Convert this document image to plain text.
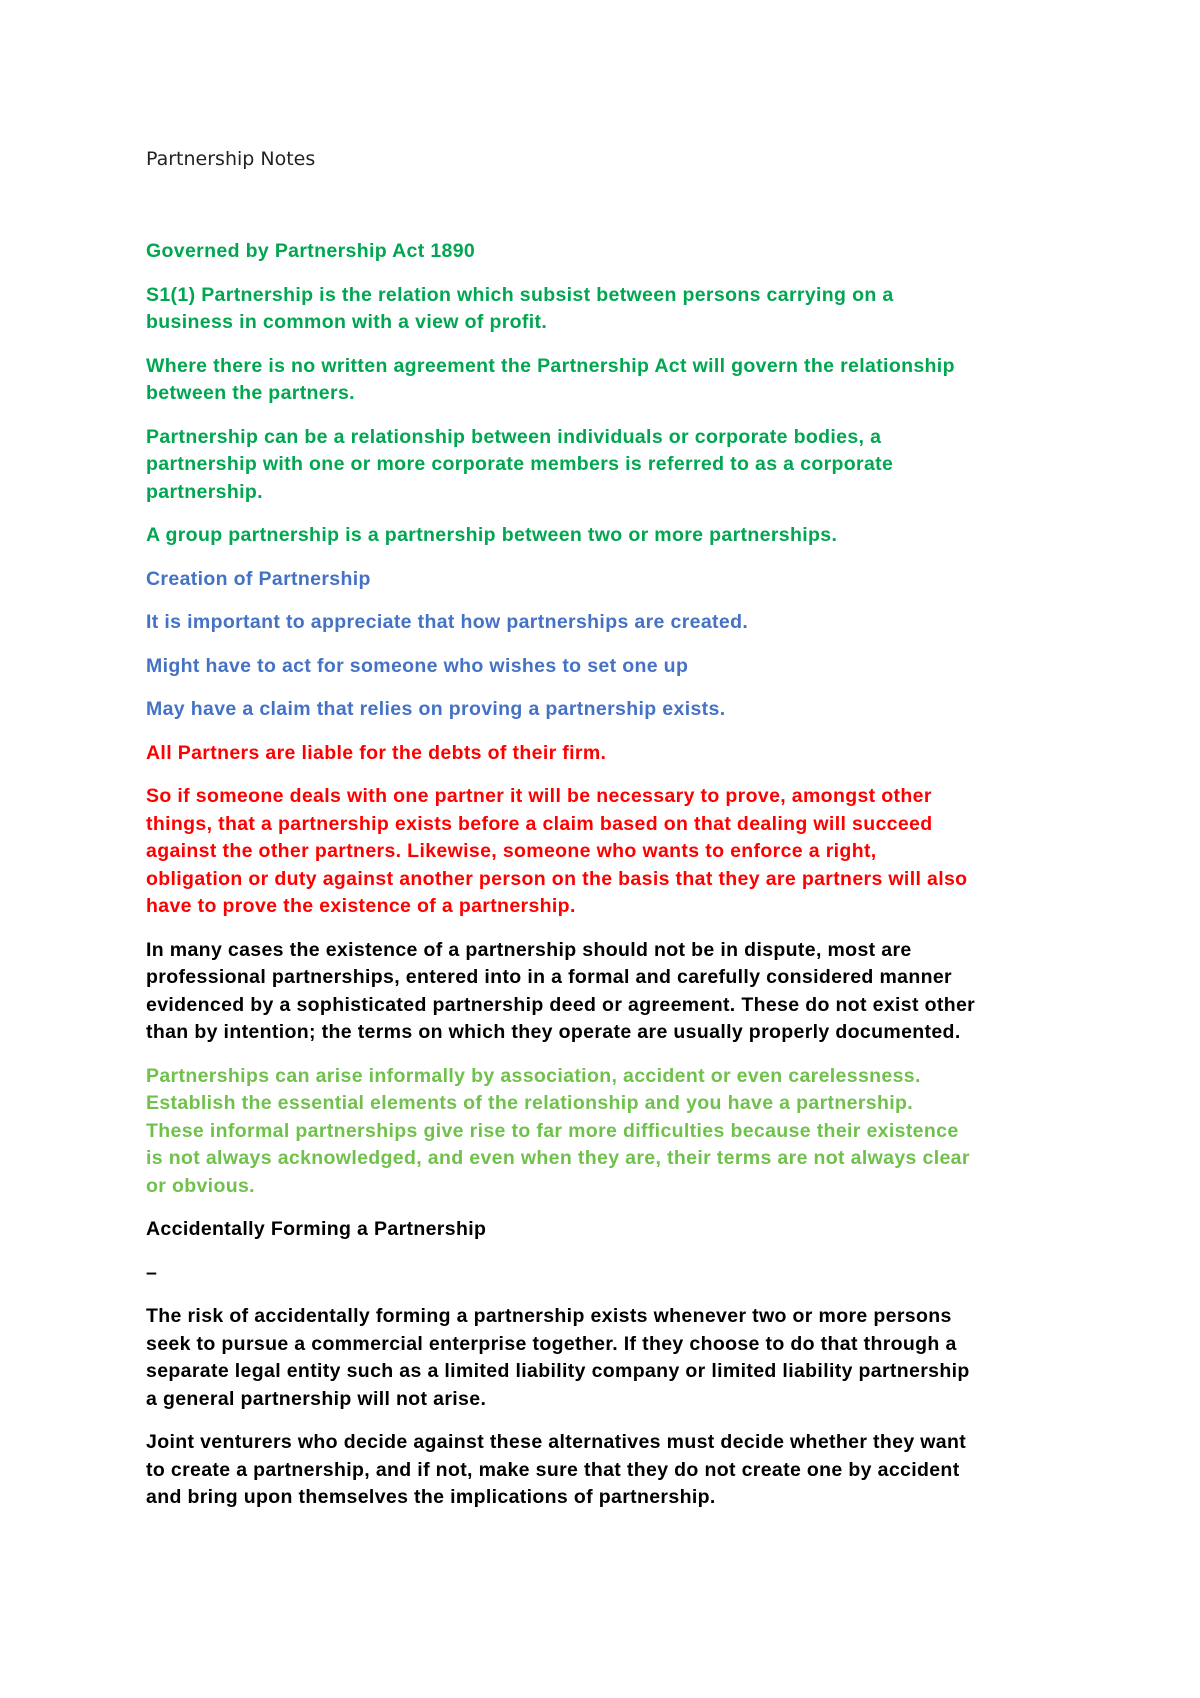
Partnership Notes

Governed by Partnership Act 1890

S1(1) Partnership is the relation which subsist between persons carrying on a
business in common with a view of profit.

Where there is no written agreement the Partnership Act will govern the relationship
between the partners.

Partnership can be a relationship between individuals or corporate bodies, a
partnership with one or more corporate members is referred to as a corporate
partnership.

A group partnership is a partnership between two or more partnerships.

Creation of Partnership

It is important to appreciate that how partnerships are created.

Might have to act for someone who wishes to set one up

May have a claim that relies on proving a partnership exists.

All Partners are liable for the debts of their firm.

So if someone deals with one partner it will be necessary to prove, amongst other
things, that a partnership exists before a claim based on that dealing will succeed
against the other partners. Likewise, someone who wants to enforce a right,
obligation or duty against another person on the basis that they are partners will also
have to prove the existence of a partnership.

In many cases the existence of a partnership should not be in dispute, most are
professional partnerships, entered into in a formal and carefully considered manner
evidenced by a sophisticated partnership deed or agreement. These do not exist other
than by intention; the terms on which they operate are usually properly documented.

Partnerships can arise informally by association, accident or even carelessness.
Establish the essential elements of the relationship and you have a partnership.
These informal partnerships give rise to far more difficulties because their existence
is not always acknowledged, and even when they are, their terms are not always clear
or obvious.

Accidentally Forming a Partnership

–

The risk of accidentally forming a partnership exists whenever two or more persons
seek to pursue a commercial enterprise together. If they choose to do that through a
separate legal entity such as a limited liability company or limited liability partnership
a general partnership will not arise.

Joint venturers who decide against these alternatives must decide whether they want
to create a partnership, and if not, make sure that they do not create one by accident
and bring upon themselves the implications of partnership.
